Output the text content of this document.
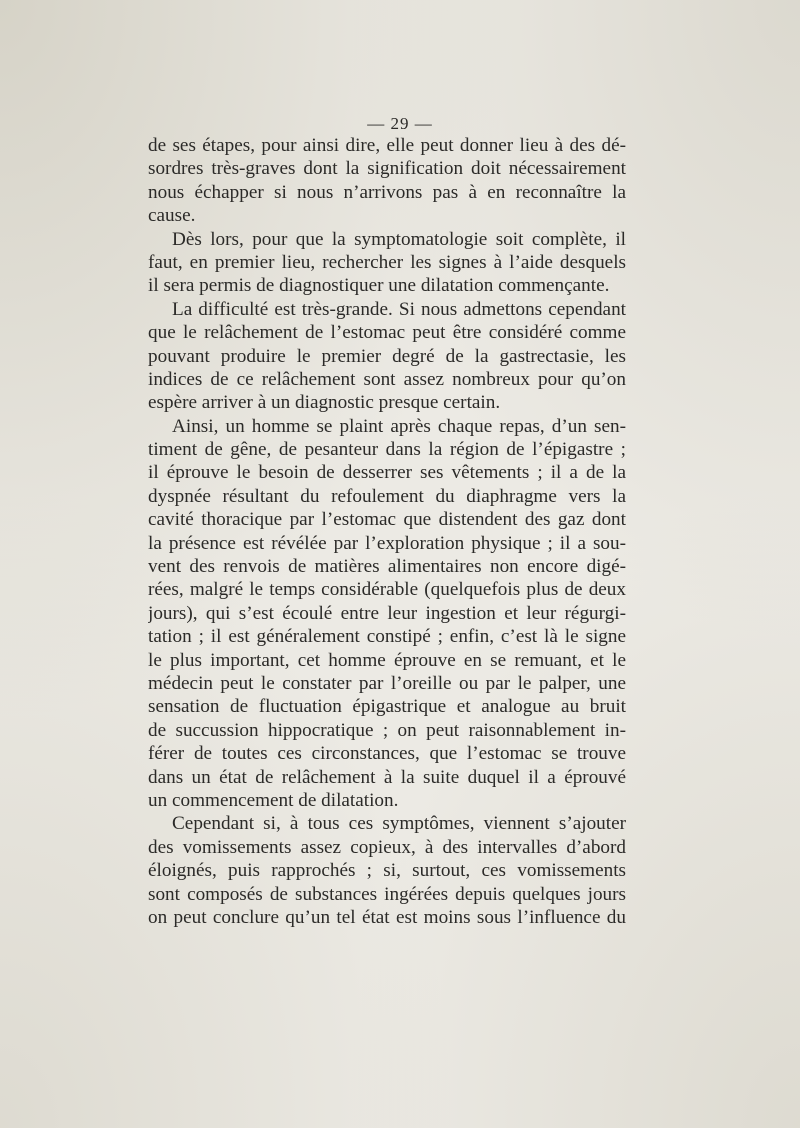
— 29 —
de ses étapes, pour ainsi dire, elle peut donner lieu à des dé-
sordres très-graves dont la signification doit nécessairement
nous échapper si nous n’arrivons pas à en reconnaître la
cause.
Dès lors, pour que la symptomatologie soit complète, il
faut, en premier lieu, rechercher les signes à l’aide desquels
il sera permis de diagnostiquer une dilatation commençante.
La difficulté est très-grande. Si nous admettons cependant
que le relâchement de l’estomac peut être considéré comme
pouvant produire le premier degré de la gastrectasie, les
indices de ce relâchement sont assez nombreux pour qu’on
espère arriver à un diagnostic presque certain.
Ainsi, un homme se plaint après chaque repas, d’un sen-
timent de gêne, de pesanteur dans la région de l’épigastre ;
il éprouve le besoin de desserrer ses vêtements ; il a de la
dyspnée résultant du refoulement du diaphragme vers la
cavité thoracique par l’estomac que distendent des gaz dont
la présence est révélée par l’exploration physique ; il a sou-
vent des renvois de matières alimentaires non encore digé-
rées, malgré le temps considérable (quelquefois plus de deux
jours), qui s’est écoulé entre leur ingestion et leur régurgi-
tation ; il est généralement constipé ; enfin, c’est là le signe
le plus important, cet homme éprouve en se remuant, et le
médecin peut le constater par l’oreille ou par le palper, une
sensation de fluctuation épigastrique et analogue au bruit
de succussion hippocratique ; on peut raisonnablement in-
férer de toutes ces circonstances, que l’estomac se trouve
dans un état de relâchement à la suite duquel il a éprouvé
un commencement de dilatation.
Cependant si, à tous ces symptômes, viennent s’ajouter
des vomissements assez copieux, à des intervalles d’abord
éloignés, puis rapprochés ; si, surtout, ces vomissements
sont composés de substances ingérées depuis quelques jours
on peut conclure qu’un tel état est moins sous l’influence du
